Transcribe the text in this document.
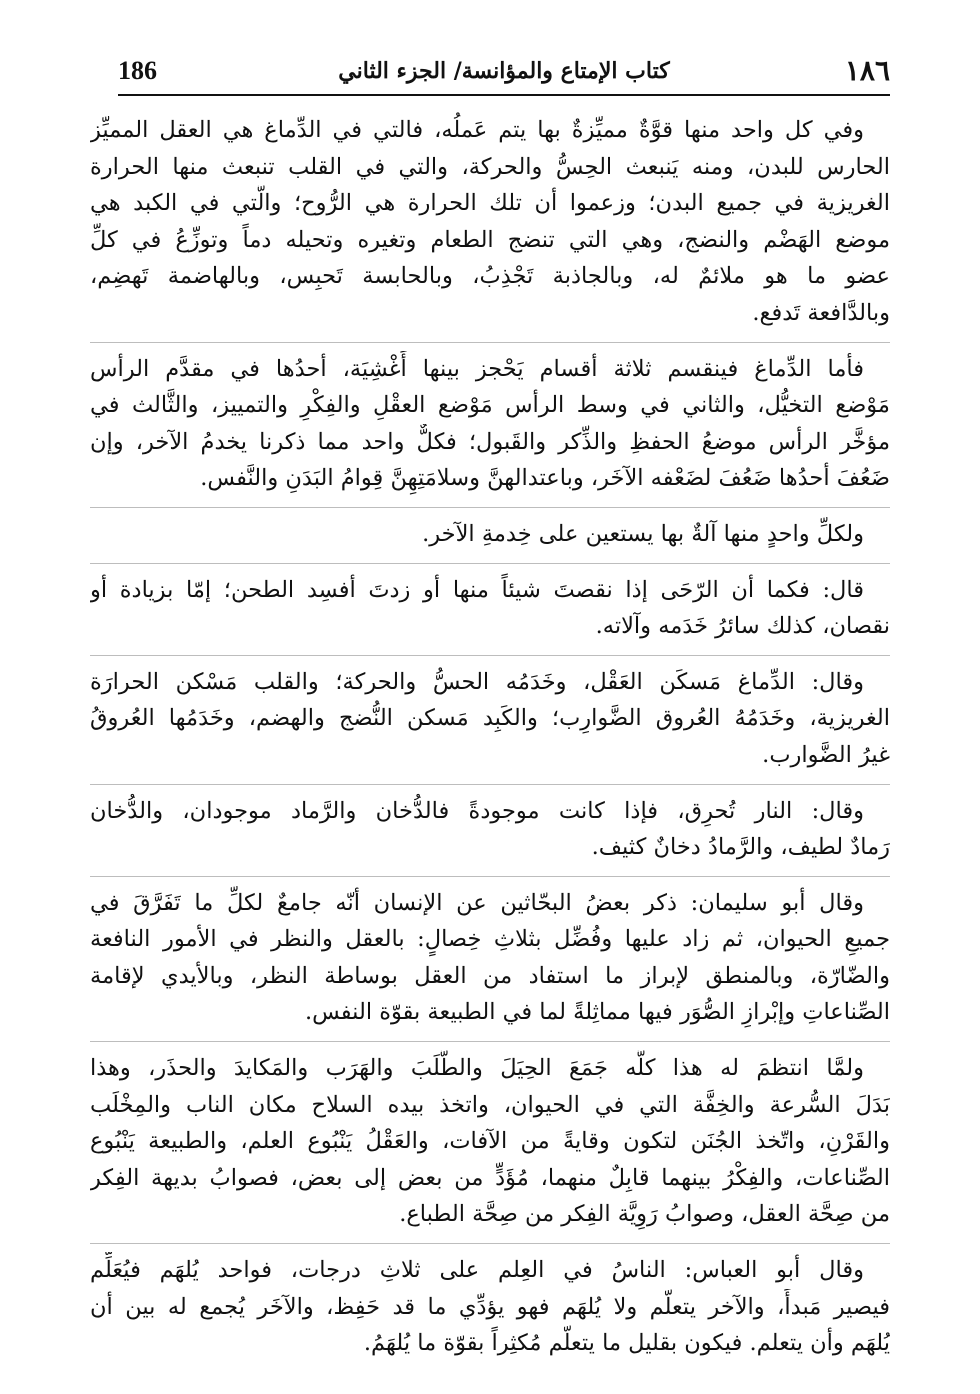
186	كتاب الإمتاع والمؤانسة/ الجزء الثاني	١٨٦
وفي كل واحد منها قوَّةٌ مميِّزةٌ بها يتم عَملُه، فالتي في الدِّماغ هي العقل المميِّز
الحارس للبدن، ومنه يَنبعث الحِسُّ والحركة، والتي في القلب تنبعث منها الحرارة
الغريزية في جميع البدن؛ وزعموا أن تلك الحرارة هي الرُّوح؛ والَّتي في الكبد هي
موضع الهَضْم والنضج، وهي التي تنضج الطعام وتغيره وتحيله دماً وتوزِّعُ في كلِّ
عضو ما هو ملائمٌ له، وبالجاذبة تَجْذِبُ، وبالحابسة تَحبِس، وبالهاضمة تَهضِم،
وبالدَّافعة تَدفع.
فأما الدِّماغ فينقسم ثلاثة أقسام يَحْجز بينها أَغْشِيَة، أحدُها في مقدَّم الرأس
مَوْضع التخيُّل، والثاني في وسط الرأس مَوْضع العقْلِ والفِكْرِ والتمييز، والثَّالث في
مؤخَّر الرأس موضعُ الحفظِ والذِّكر والقَبول؛ فكلٌّ واحد مما ذكرنا يخدمُ الآخر، وإن
ضَعُفَ أحدُها ضَعُفَ لضَعْفه الآخَر، وباعتدالهنَّ وسلامَتِهِنَّ قِوامُ البَدَنِ والنَّفس.
ولكلِّ واحدٍ منها آلةٌ بها يستعين على خِدمةِ الآخر.
قال: فكما أن الرّحَى إذا نقصتَ شيئاً منها أو زدتَ أفسِد الطحن؛ إمّا بزيادة أو
نقصان، كذلك سائرُ خَدَمه وآلاته.
وقال: الدِّماغ مَسكَن العَقْل، وخَدَمُه الحسُّ والحركة؛ والقلب مَسْكن الحرارَة
الغريزية، وخَدَمُهُ العُروق الضَّوارِب؛ والكَبِد مَسكن النُّضج والهضم، وخَدَمُها العُروقُ
غيرُ الضَّوارب.
وقال: النار تُحرِق، فإذا كانت موجودةً فالدُّخان والرَّماد موجودان، والدُّخان
رَمادٌ لطيف، والرَّمادُ دخانٌ كثيف.
وقال أبو سليمان: ذكر بعضُ البحّاثين عن الإنسان أنّه جامعٌ لكلِّ ما تَفَرَّقَ في
جميعِ الحيوان، ثم زاد عليها وفُضِّل بثلاثِ خِصالٍ: بالعقل والنظر في الأمور النافعة
والضّارّة، وبالمنطق لإبراز ما استفاد من العقل بوساطة النظر، وبالأيدي لإقامة
الصِّناعاتِ وإبْرازِ الصُّوَر فيها مماثِلةً لما في الطبيعة بقوّة النفس.
ولمَّا انتظمَ له هذا كلُّه جَمَعَ الحِيَلَ والطَّلَبَ والهَرَب والمَكايدَ والحذَر، وهذا
بَدَلَ السُّرعة والخِفَّة التي في الحيوان، واتخذ بيده السلاح مكان الناب والمِخْلَب
والقَرْنِ، واتّخذ الجُنَن لتكون وقايةً من الآفات، والعَقْلُ يَنْبُوع العلم، والطبيعة يَنْبُوع
الصِّناعات، والفِكْرُ بينهما قابِلٌ منهما، مُؤَدٍّ من بعض إلى بعض، فصوابُ بديهة الفِكر
من صِحَّة العقل، وصوابُ رَوِيَّة الفِكر من صِحَّة الطباع.
وقال أبو العباس: الناسُ في العِلم على ثلاثِ درجات، فواحد يُلهَم فيُعَلِّم
فيصير مَبدأً، والآخر يتعلّم ولا يُلهَم فهو يؤدِّي ما قد حَفِظ، والآخَر يُجمع له بين أن
يُلهَم وأن يتعلم. فيكون بقليل ما يتعلّم مُكثِراً بقوّة ما يُلهَمُ.
